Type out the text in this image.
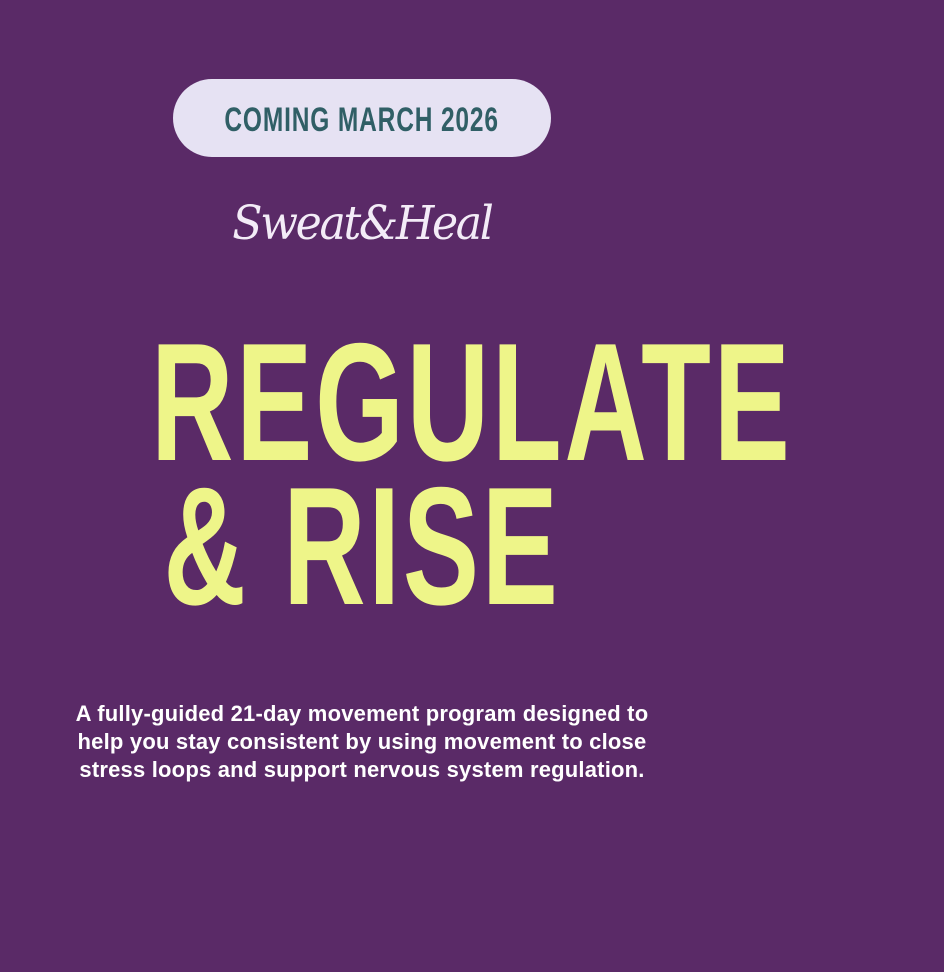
COMING MARCH 2026
Sweat&Heal
REGULATE
& RISE

A fully-guided 21-day movement program designed to help you stay consistent by using movement to close stress loops and support nervous system regulation.
